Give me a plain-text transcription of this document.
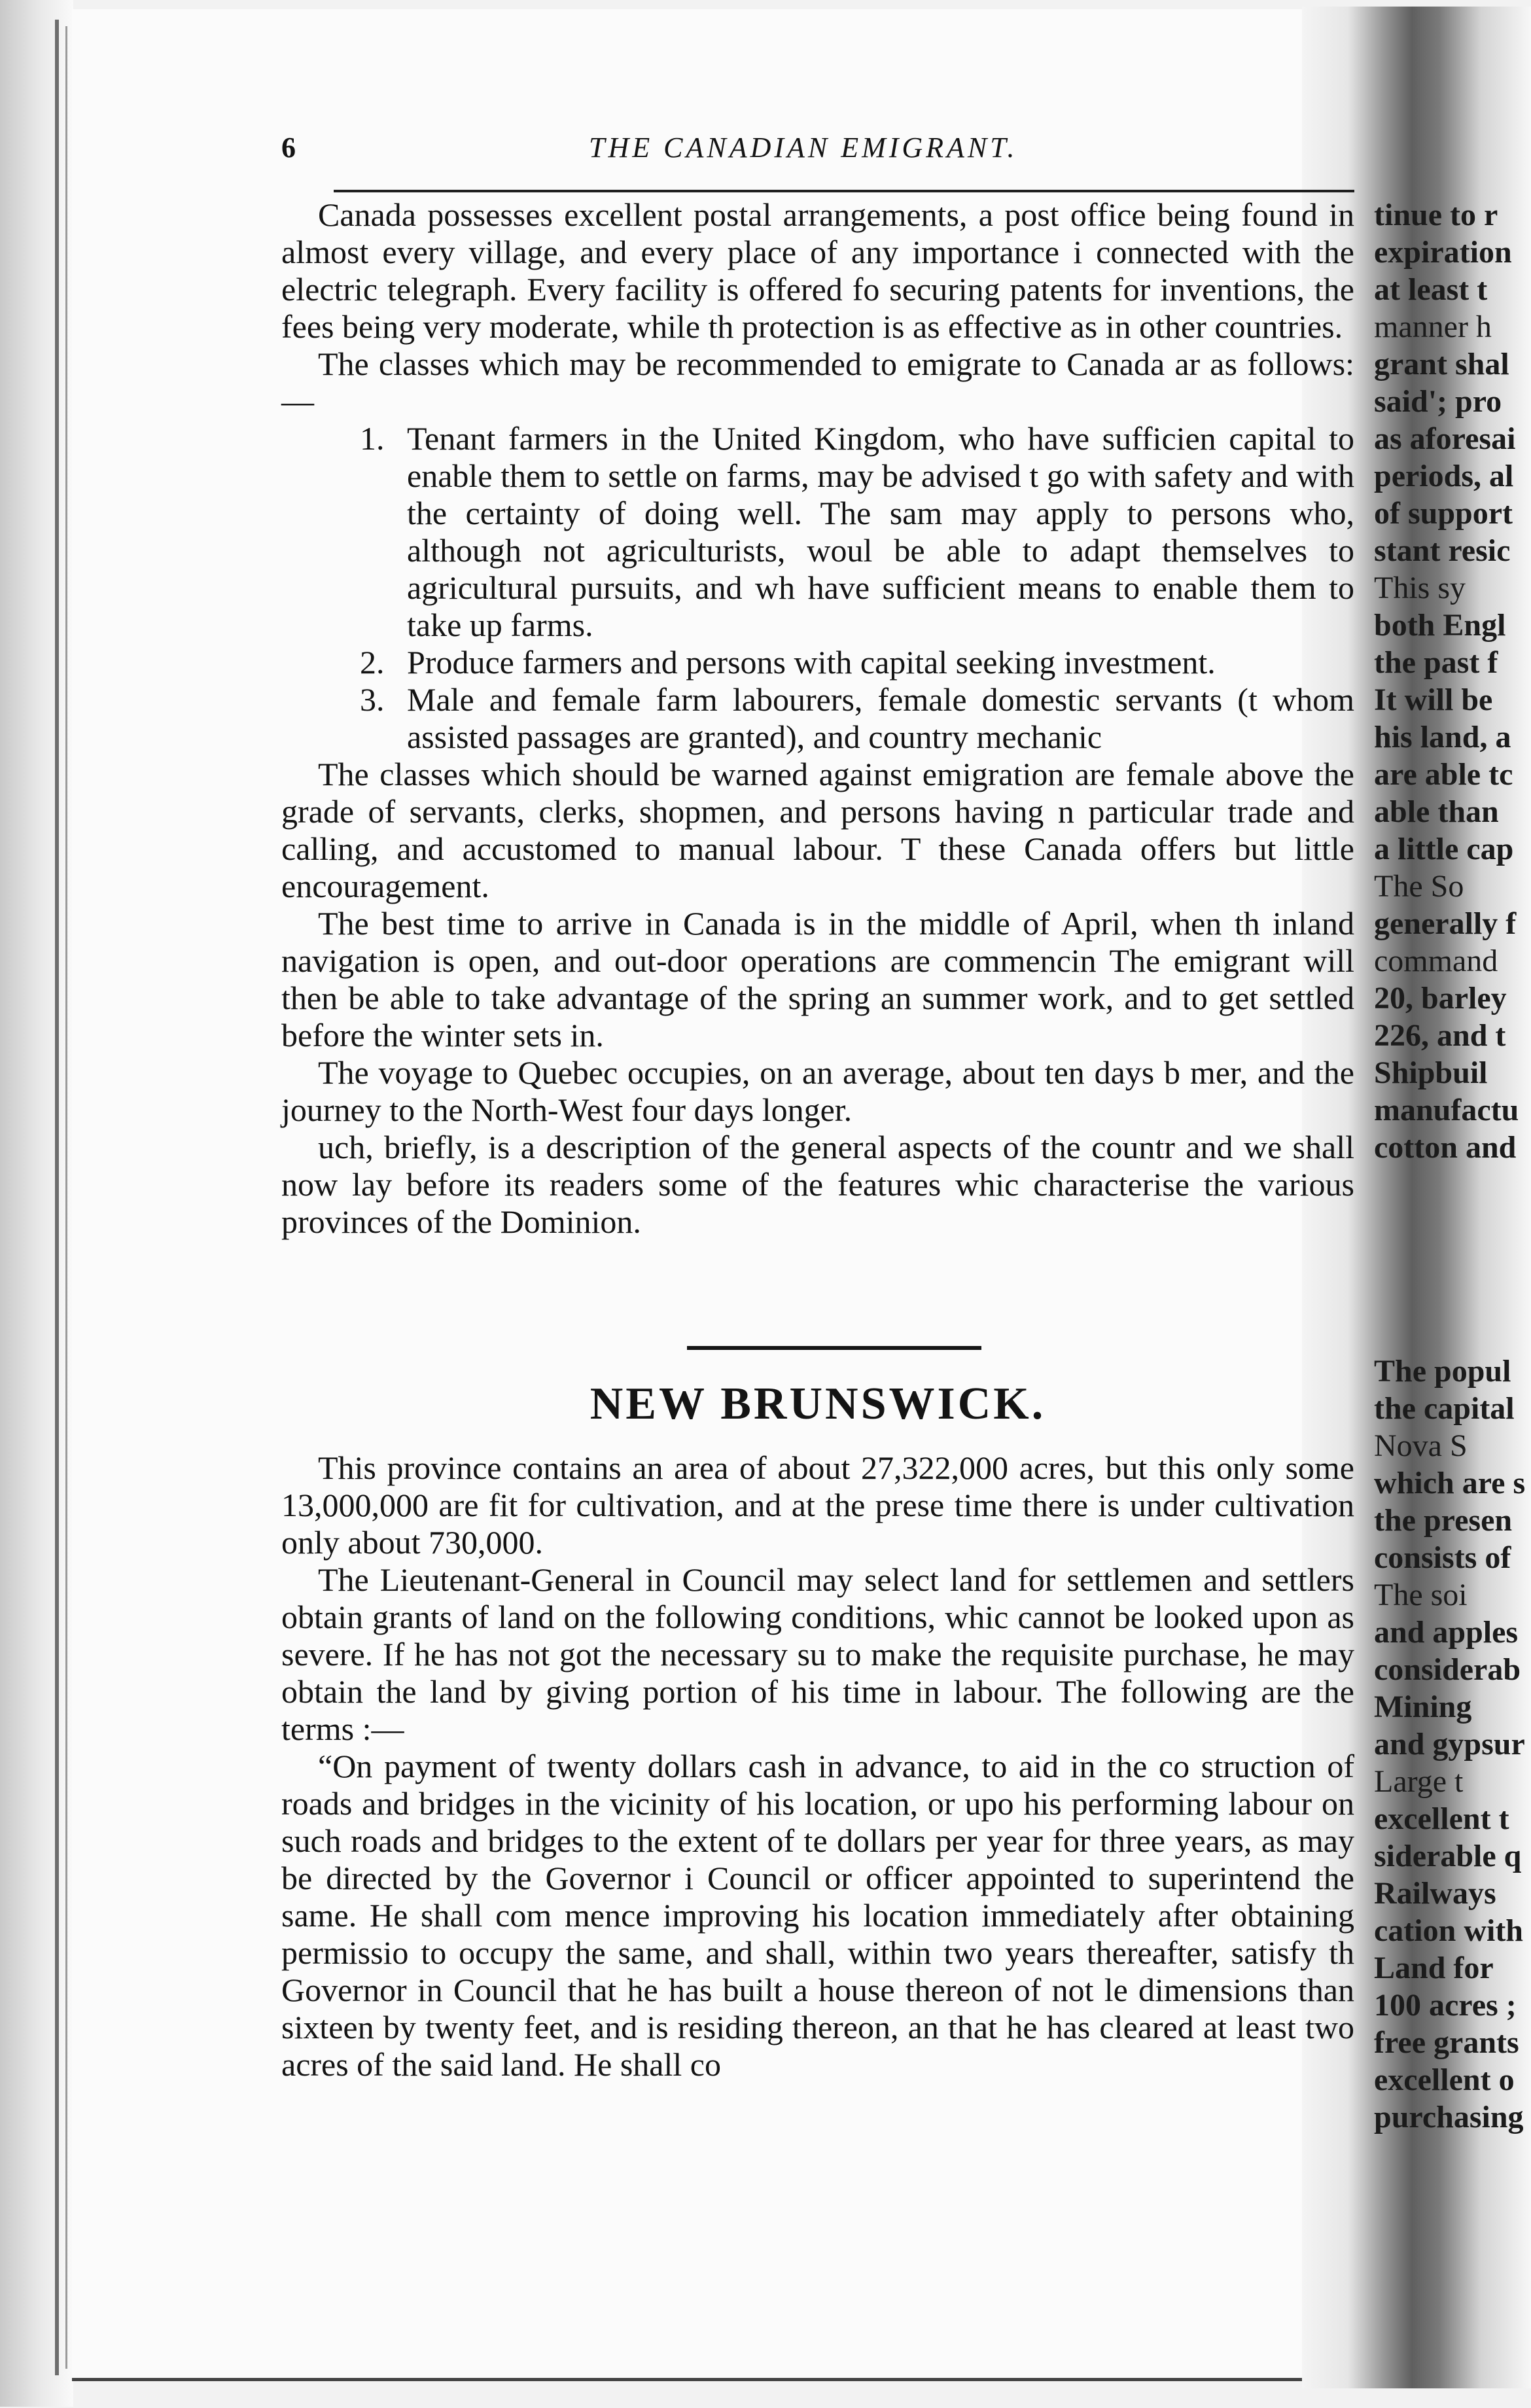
6	THE CANADIAN EMIGRANT.

Canada possesses excellent postal arrangements, a post office being found in almost every village, and every place of any importance i connected with the electric telegraph. Every facility is offered fo securing patents for inventions, the fees being very moderate, while th protection is as effective as in other countries.

The classes which may be recommended to emigrate to Canada ar as follows:—

1. Tenant farmers in the United Kingdom, who have sufficien capital to enable them to settle on farms, may be advised t go with safety and with the certainty of doing well. The sam may apply to persons who, although not agriculturists, woul be able to adapt themselves to agricultural pursuits, and wh have sufficient means to enable them to take up farms.

2. Produce farmers and persons with capital seeking investment.

3. Male and female farm labourers, female domestic servants (t whom assisted passages are granted), and country mechanic

The classes which should be warned against emigration are female above the grade of servants, clerks, shopmen, and persons having n particular trade and calling, and accustomed to manual labour. T these Canada offers but little encouragement.

The best time to arrive in Canada is in the middle of April, when th inland navigation is open, and out-door operations are commencin The emigrant will then be able to take advantage of the spring an summer work, and to get settled before the winter sets in.

The voyage to Quebec occupies, on an average, about ten days b mer, and the journey to the North-West four days longer.

uch, briefly, is a description of the general aspects of the countr and we shall now lay before its readers some of the features whic characterise the various provinces of the Dominion.

NEW BRUNSWICK.

This province contains an area of about 27,322,000 acres, but this only some 13,000,000 are fit for cultivation, and at the prese time there is under cultivation only about 730,000.

The Lieutenant-General in Council may select land for settlemen and settlers obtain grants of land on the following conditions, whic cannot be looked upon as severe. If he has not got the necessary su to make the requisite purchase, he may obtain the land by giving portion of his time in labour. The following are the terms :—

“On payment of twenty dollars cash in advance, to aid in the co struction of roads and bridges in the vicinity of his location, or upo his performing labour on such roads and bridges to the extent of te dollars per year for three years, as may be directed by the Governor i Council or officer appointed to superintend the same. He shall com mence improving his location immediately after obtaining permissio to occupy the same, and shall, within two years thereafter, satisfy th Governor in Council that he has built a house thereon of not le dimensions than sixteen by twenty feet, and is residing thereon, an that he has cleared at least two acres of the said land. He shall co

tinue to r
expiration
at least t
manner h
grant shal
said'; pro
as aforesai
periods, al
of support
stant resic
This sy
both Engl
the past f
It will be
his land, a
are able tc
able than
a little cap
The So
generally f
command
20, barley
226, and t
Shipbuil
manufactu
cotton and
The popul
the capital
Nova S
which are s
the presen
consists of
The soi
and apples
considerab
Mining
and gypsur
Large t
excellent t
siderable q
Railways
cation with
Land for
100 acres ;
free grants
excellent o
purchasing
